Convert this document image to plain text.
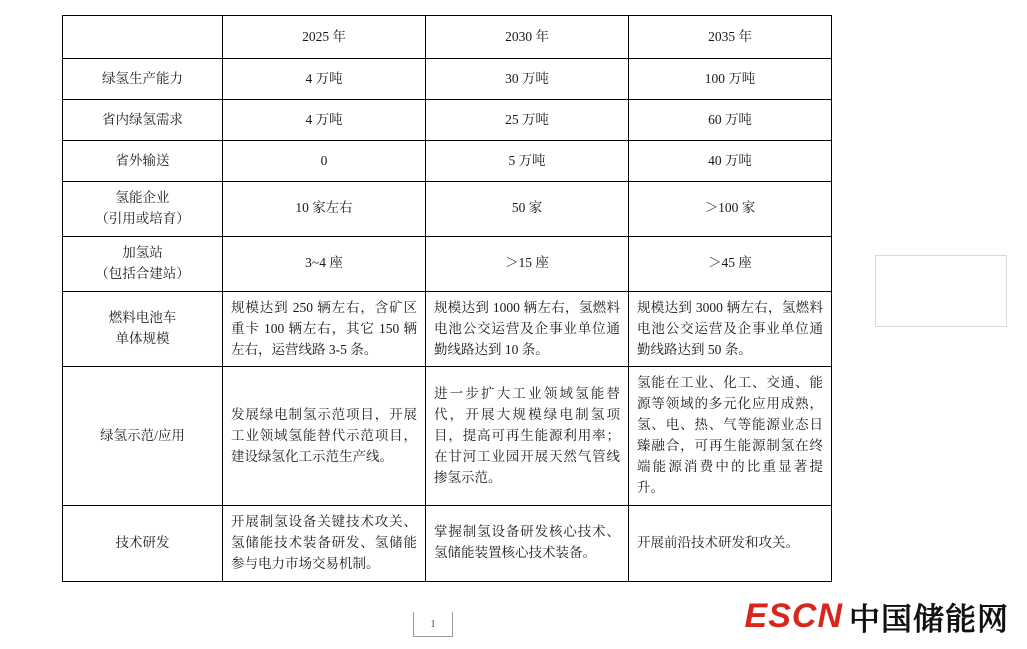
	2025 年	2030 年	2035 年
绿氢生产能力	4 万吨	30 万吨	100 万吨
省内绿氢需求	4 万吨	25 万吨	60 万吨
省外输送	0	5 万吨	40 万吨

氢能企业
（引用或培育）	10 家左右	50 家	＞100 家

加氢站
（包括合建站）	3~4 座	＞15 座	＞45 座

燃料电池车
单体规模	规模达到 250 辆左右，含矿区重卡 100 辆左右，其它 150 辆左右，运营线路 3-5 条。	规模达到 1000 辆左右，氢燃料电池公交运营及企事业单位通勤线路达到 10 条。	规模达到 3000 辆左右，氢燃料电池公交运营及企事业单位通勤线路达到 50 条。
绿氢示范/应用	发展绿电制氢示范项目，开展工业领域氢能替代示范项目，建设绿氢化工示范生产线。	进一步扩大工业领域氢能替代，开展大规模绿电制氢项目，提高可再生能源利用率；在甘河工业园开展天然气管线掺氢示范。	氢能在工业、化工、交通、能源等领域的多元化应用成熟，氢、电、热、气等能源业态日臻融合，可再生能源制氢在终端能源消费中的比重显著提升。
技术研发	开展制氢设备关键技术攻关、氢储能技术装备研发、氢储能参与电力市场交易机制。	掌握制氢设备研发核心技术、氢储能装置核心技术装备。	开展前沿技术研发和攻关。
1	ESCN 中国储能网
